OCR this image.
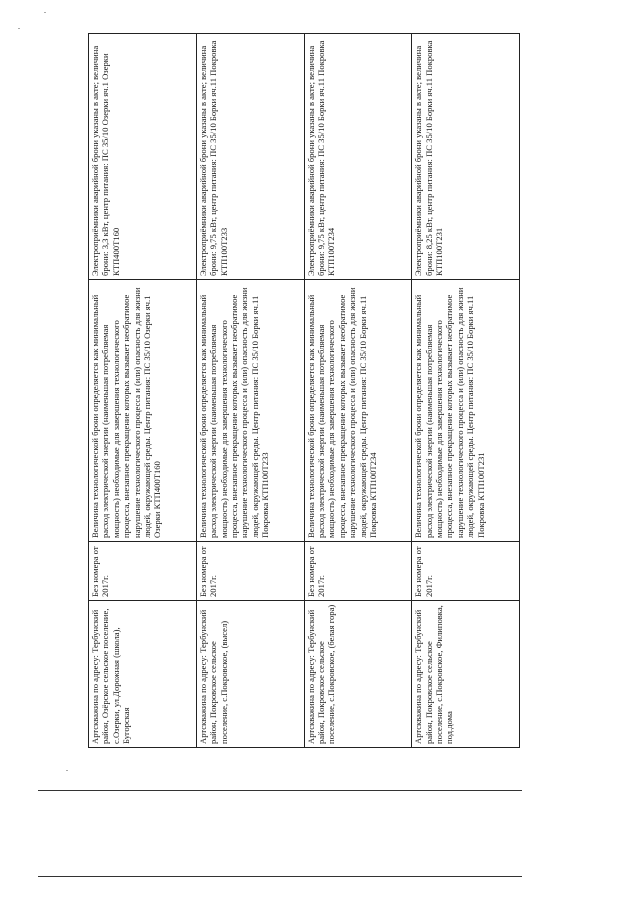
Артскважина по адресу: Тербунский район, Озёрское сельское поселение, с.Озерки, ул.Дорожная (школа), Бугорская	Без номера от 2017г.	Величина технологической брони определяется как минимальный расход электрической энергии (наименьшая потребляемая мощность) необходимые для завершения технологического процесса, внезапное прекращение которых вызывает необратимое нарушение технологического процесса и (или) опасность для жизни людей, окружающей среды. Центр питания: ПС 35/10 Озерки яч.1 Озерки КТП400Т160	Электроприёмники аварийной брони указаны в акте; величина брони: 3,3 кВт, центр питания: ПС 35/10 Озерки яч.1 Озерки КТП400Т160
Артскважина по адресу: Тербунский район, Покровское сельское поселение, с.Покровское, (высел)	Без номера от 2017г.	Величина технологической брони определяется как минимальный расход электрической энергии (наименьшая потребляемая мощность) необходимые для завершения технологического процесса, внезапное прекращение которых вызывает необратимое нарушение технологического процесса и (или) опасность для жизни людей, окружающей среды. Центр питания: ПС 35/10 Борки яч.11 Покровка КТП100Т233	Электроприёмники аварийной брони указаны в акте; величина брони: 9,75 кВт, центр питания: ПС 35/10 Борки яч.11 Покровка КТП100Т233
Артскважина по адресу: Тербунский район, Покровское сельское поселение, с.Покровское, (белая гора)	Без номера от 2017г.	Величина технологической брони определяется как минимальный расход электрической энергии (наименьшая потребляемая мощность) необходимые для завершения технологического процесса, внезапное прекращение которых вызывает необратимое нарушение технологического процесса и (или) опасность для жизни людей, окружающей среды. Центр питания: ПС 35/10 Борки яч.11 Покровка КТП100Т234	Электроприёмники аварийной брони указаны в акте; величина брони: 9,75 кВт, центр питания: ПС 35/10 Борки яч.11 Покровка КТП100Т234
Артскважина по адресу: Тербунский район, Покровское сельское поселение, с.Покровское, Филиповка, под.дома	Без номера от 2017г.	Величина технологической брони определяется как минимальный расход электрической энергии (наименьшая потребляемая мощность) необходимые для завершения технологического процесса, внезапное прекращение которых вызывает необратимое нарушение технологического процесса и (или) опасность для жизни людей, окружающей среды. Центр питания: ПС 35/10 Борки яч.11 Покровка КТП100Т231	Электроприёмники аварийной брони указаны в акте; величина брони: 8,25 кВт, центр питания: ПС 35/10 Борки яч.11 Покровка КТП100Т231
